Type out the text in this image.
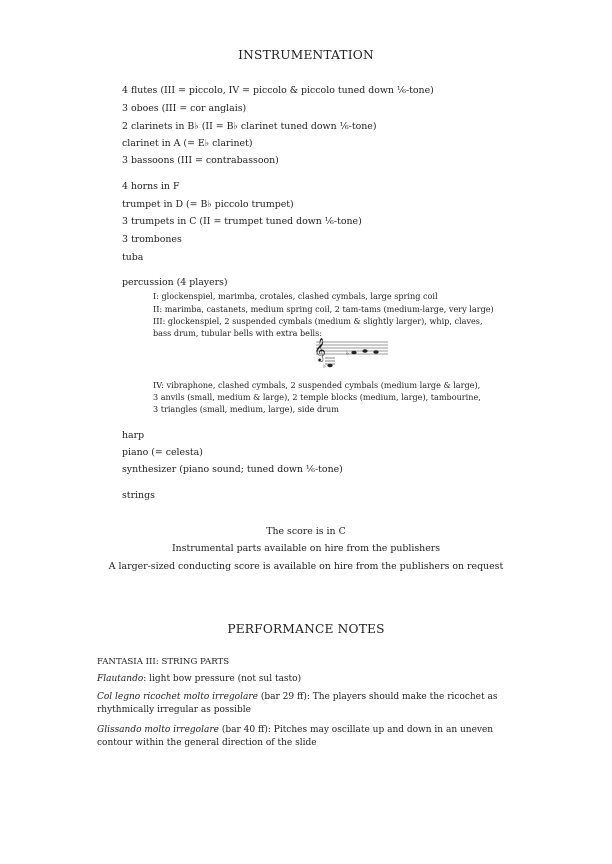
INSTRUMENTATION
4 flutes (III = piccolo, IV = piccolo & piccolo tuned down ⅙-tone)
3 oboes (III = cor anglais)
2 clarinets in B♭ (II = B♭ clarinet tuned down ⅙-tone)
clarinet in A (= E♭ clarinet)
3 bassoons (III = contrabassoon)
4 horns in F
trumpet in D (= B♭ piccolo trumpet)
3 trumpets in C (II = trumpet tuned down ⅙-tone)
3 trombones
tuba
percussion (4 players)
I: glockenspiel, marimba, crotales, clashed cymbals, large spring coil
II: marimba, castanets, medium spring coil, 2 tam-tams (medium-large, very large)
III: glockenspiel, 2 suspended cymbals (medium & slightly larger), whip, claves,
bass drum, tubular bells with extra bells:
𝄞
♭
♭
IV: vibraphone, clashed cymbals, 2 suspended cymbals (medium large & large),
3 anvils (small, medium & large), 2 temple blocks (medium, large), tambourine,
3 triangles (small, medium, large), side drum
harp
piano (= celesta)
synthesizer (piano sound; tuned down ⅙-tone)
strings
The score is in C
Instrumental parts available on hire from the publishers
A larger-sized conducting score is available on hire from the publishers on request
PERFORMANCE NOTES
FANTASIA III: STRING PARTS
Flautando: light bow pressure (not sul tasto)
Col legno ricochet molto irregolare (bar 29 ff): The players should make the ricochet as rhythmically irregular as possible
Glissando molto irregolare (bar 40 ff): Pitches may oscillate up and down in an uneven contour within the general direction of the slide
